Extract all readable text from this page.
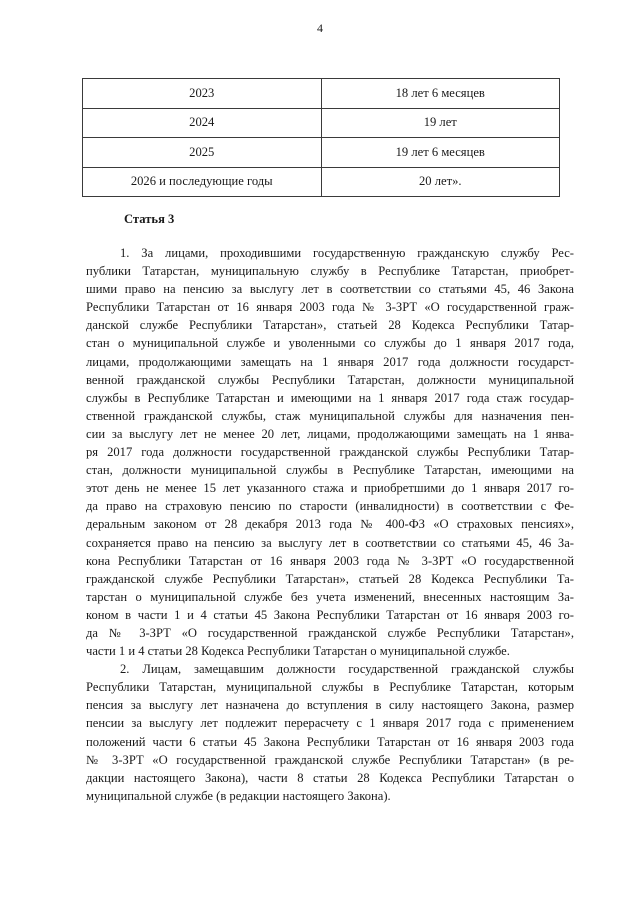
4
2023	18 лет 6 месяцев
2024	19 лет
2025	19 лет 6 месяцев
2026 и последующие годы	20 лет».
Статья 3
1. За лицами, проходившими государственную гражданскую службу Рес-
публики Татарстан, муниципальную службу в Республике Татарстан, приобрет-
шими право на пенсию за выслугу лет в соответствии со статьями 45, 46 Закона
Республики Татарстан от 16 января 2003 года № 3-ЗРТ «О государственной граж-
данской службе Республики Татарстан», статьей 28 Кодекса Республики Татар-
стан о муниципальной службе и уволенными со службы до 1 января 2017 года,
лицами, продолжающими замещать на 1 января 2017 года должности государст-
венной гражданской службы Республики Татарстан, должности муниципальной
службы в Республике Татарстан и имеющими на 1 января 2017 года стаж государ-
ственной гражданской службы, стаж муниципальной службы для назначения пен-
сии за выслугу лет не менее 20 лет, лицами, продолжающими замещать на 1 янва-
ря 2017 года должности государственной гражданской службы Республики Татар-
стан, должности муниципальной службы в Республике Татарстан, имеющими на
этот день не менее 15 лет указанного стажа и приобретшими до 1 января 2017 го-
да право на страховую пенсию по старости (инвалидности) в соответствии с Фе-
деральным законом от 28 декабря 2013 года № 400-ФЗ «О страховых пенсиях»,
сохраняется право на пенсию за выслугу лет в соответствии со статьями 45, 46 За-
кона Республики Татарстан от 16 января 2003 года № 3-ЗРТ «О государственной
гражданской службе Республики Татарстан», статьей 28 Кодекса Республики Та-
тарстан о муниципальной службе без учета изменений, внесенных настоящим За-
коном в части 1 и 4 статьи 45 Закона Республики Татарстан от 16 января 2003 го-
да № 3-ЗРТ «О государственной гражданской службе Республики Татарстан»,
части 1 и 4 статьи 28 Кодекса Республики Татарстан о муниципальной службе.
2. Лицам, замещавшим должности государственной гражданской службы
Республики Татарстан, муниципальной службы в Республике Татарстан, которым
пенсия за выслугу лет назначена до вступления в силу настоящего Закона, размер
пенсии за выслугу лет подлежит перерасчету с 1 января 2017 года с применением
положений части 6 статьи 45 Закона Республики Татарстан от 16 января 2003 года
№ 3-ЗРТ «О государственной гражданской службе Республики Татарстан» (в ре-
дакции настоящего Закона), части 8 статьи 28 Кодекса Республики Татарстан о
муниципальной службе (в редакции настоящего Закона).
